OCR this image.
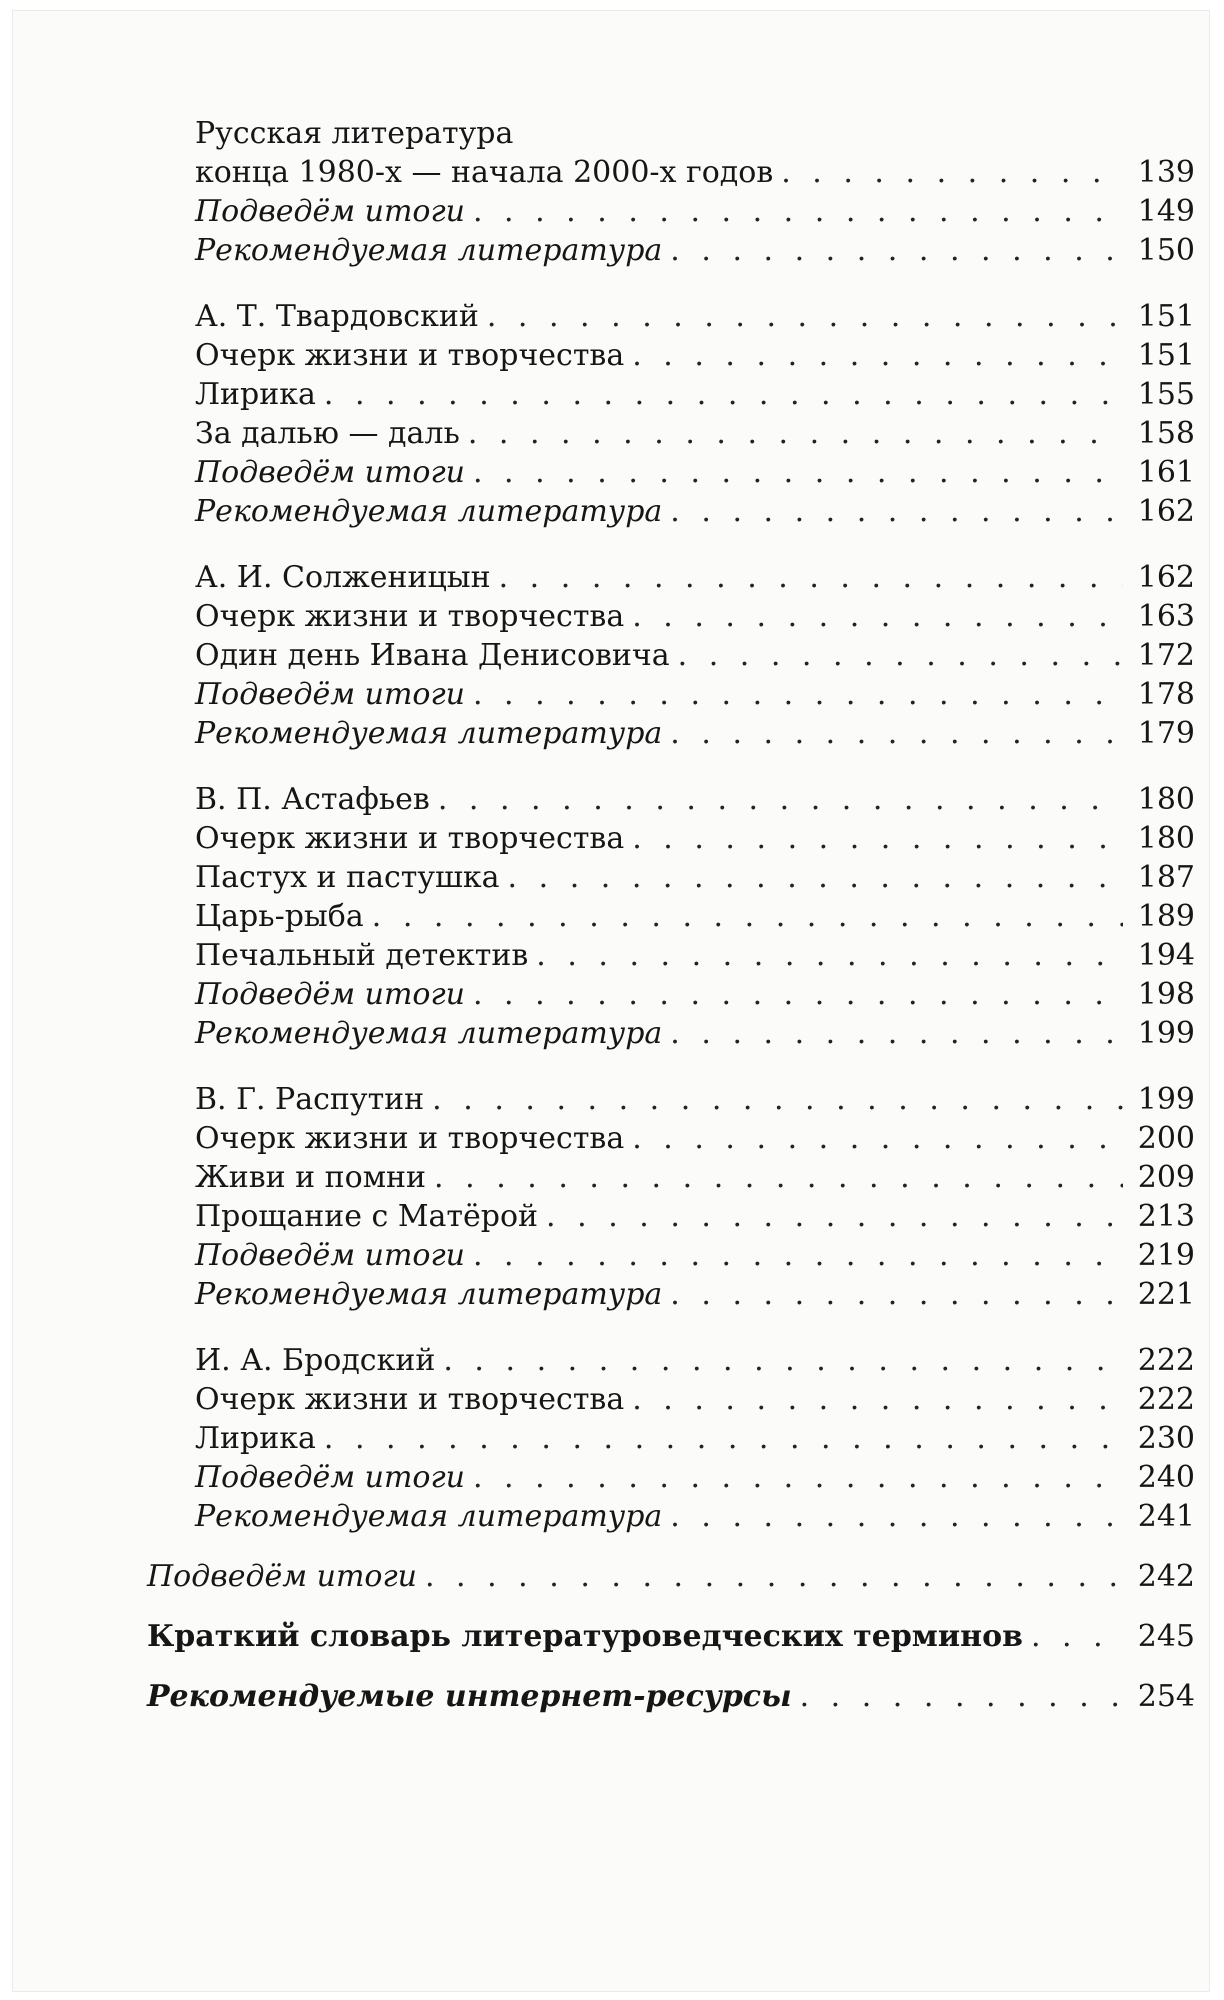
Русская литература
конца 1980-х — начала 2000-х годов . . .	139
Подведём итоги . . .	149
Рекомендуемая литература . . .	150
А. Т. Твардовский . . .	151
Очерк жизни и творчества . . .	151
Лирика . . .	155
За далью — даль . . .	158
Подведём итоги . . .	161
Рекомендуемая литература . . .	162
А. И. Солженицын . . .	162
Очерк жизни и творчества . . .	163
Один день Ивана Денисовича . . .	172
Подведём итоги . . .	178
Рекомендуемая литература . . .	179
В. П. Астафьев . . .	180
Очерк жизни и творчества . . .	180
Пастух и пастушка . . .	187
Царь-рыба . . .	189
Печальный детектив . . .	194
Подведём итоги . . .	198
Рекомендуемая литература . . .	199
В. Г. Распутин . . .	199
Очерк жизни и творчества . . .	200
Живи и помни . . .	209
Прощание с Матёрой . . .	213
Подведём итоги . . .	219
Рекомендуемая литература . . .	221
И. А. Бродский . . .	222
Очерк жизни и творчества . . .	222
Лирика . . .	230
Подведём итоги . . .	240
Рекомендуемая литература . . .	241
Подведём итоги . . .	242
Краткий словарь литературоведческих терминов . . .	245
Рекомендуемые интернет-ресурсы . . .	254
